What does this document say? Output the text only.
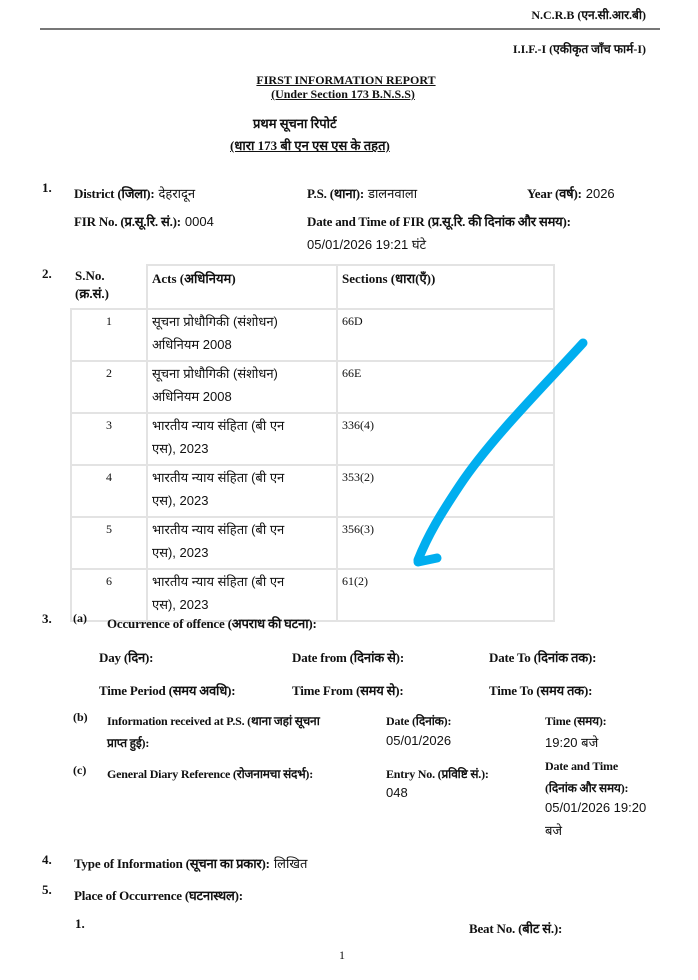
N.C.R.B (एन.सी.आर.बी)
I.I.F.-I (एकीकृत जाँच फार्म-I)
FIRST INFORMATION REPORT
(Under Section 173 B.N.S.S)
प्रथम सूचना रिपोर्ट
(धारा 173 बी एन एस एस के तहत)
1. District (जिला): देहरादून	P.S. (थाना): डालनवाला	Year (वर्ष): 2026
FIR No. (प्र.सू.रि. सं.): 0004	Date and Time of FIR (प्र.सू.रि. की दिनांक और समय):
05/01/2026 19:21 घंटे
2. S.No.
(क्र.सं.)	Acts (अधिनियम)	Sections (धारा(एँ))
1	सूचना प्रोधौगिकी (संशोधन)
अधिनियम 2008	66D
2	सूचना प्रोधौगिकी (संशोधन)
अधिनियम 2008	66E
3	भारतीय न्याय संहिता (बी एन
एस), 2023	336(4)
4	भारतीय न्याय संहिता (बी एन
एस), 2023	353(2)
5	भारतीय न्याय संहिता (बी एन
एस), 2023	356(3)
6	भारतीय न्याय संहिता (बी एन
एस), 2023	61(2)
3. (a) Occurrence of offence (अपराध की घटना):
Day (दिन):	Date from (दिनांक से):	Date To (दिनांक तक):
Time Period (समय अवधि):	Time From (समय से):	Time To (समय तक):
(b) Information received at P.S. (थाना जहां सूचना
प्राप्त हुई):
Date (दिनांक):
05/01/2026
Time (समय):
19:20 बजे
(c) General Diary Reference (रोजनामचा संदर्भ):	Entry No. (प्रविष्टि सं.):
048
Date and Time
(दिनांक और समय):
05/01/2026 19:20
बजे
4. Type of Information (सूचना का प्रकार): लिखित
5. Place of Occurrence (घटनास्थल):
1.	Beat No. (बीट सं.):
1
